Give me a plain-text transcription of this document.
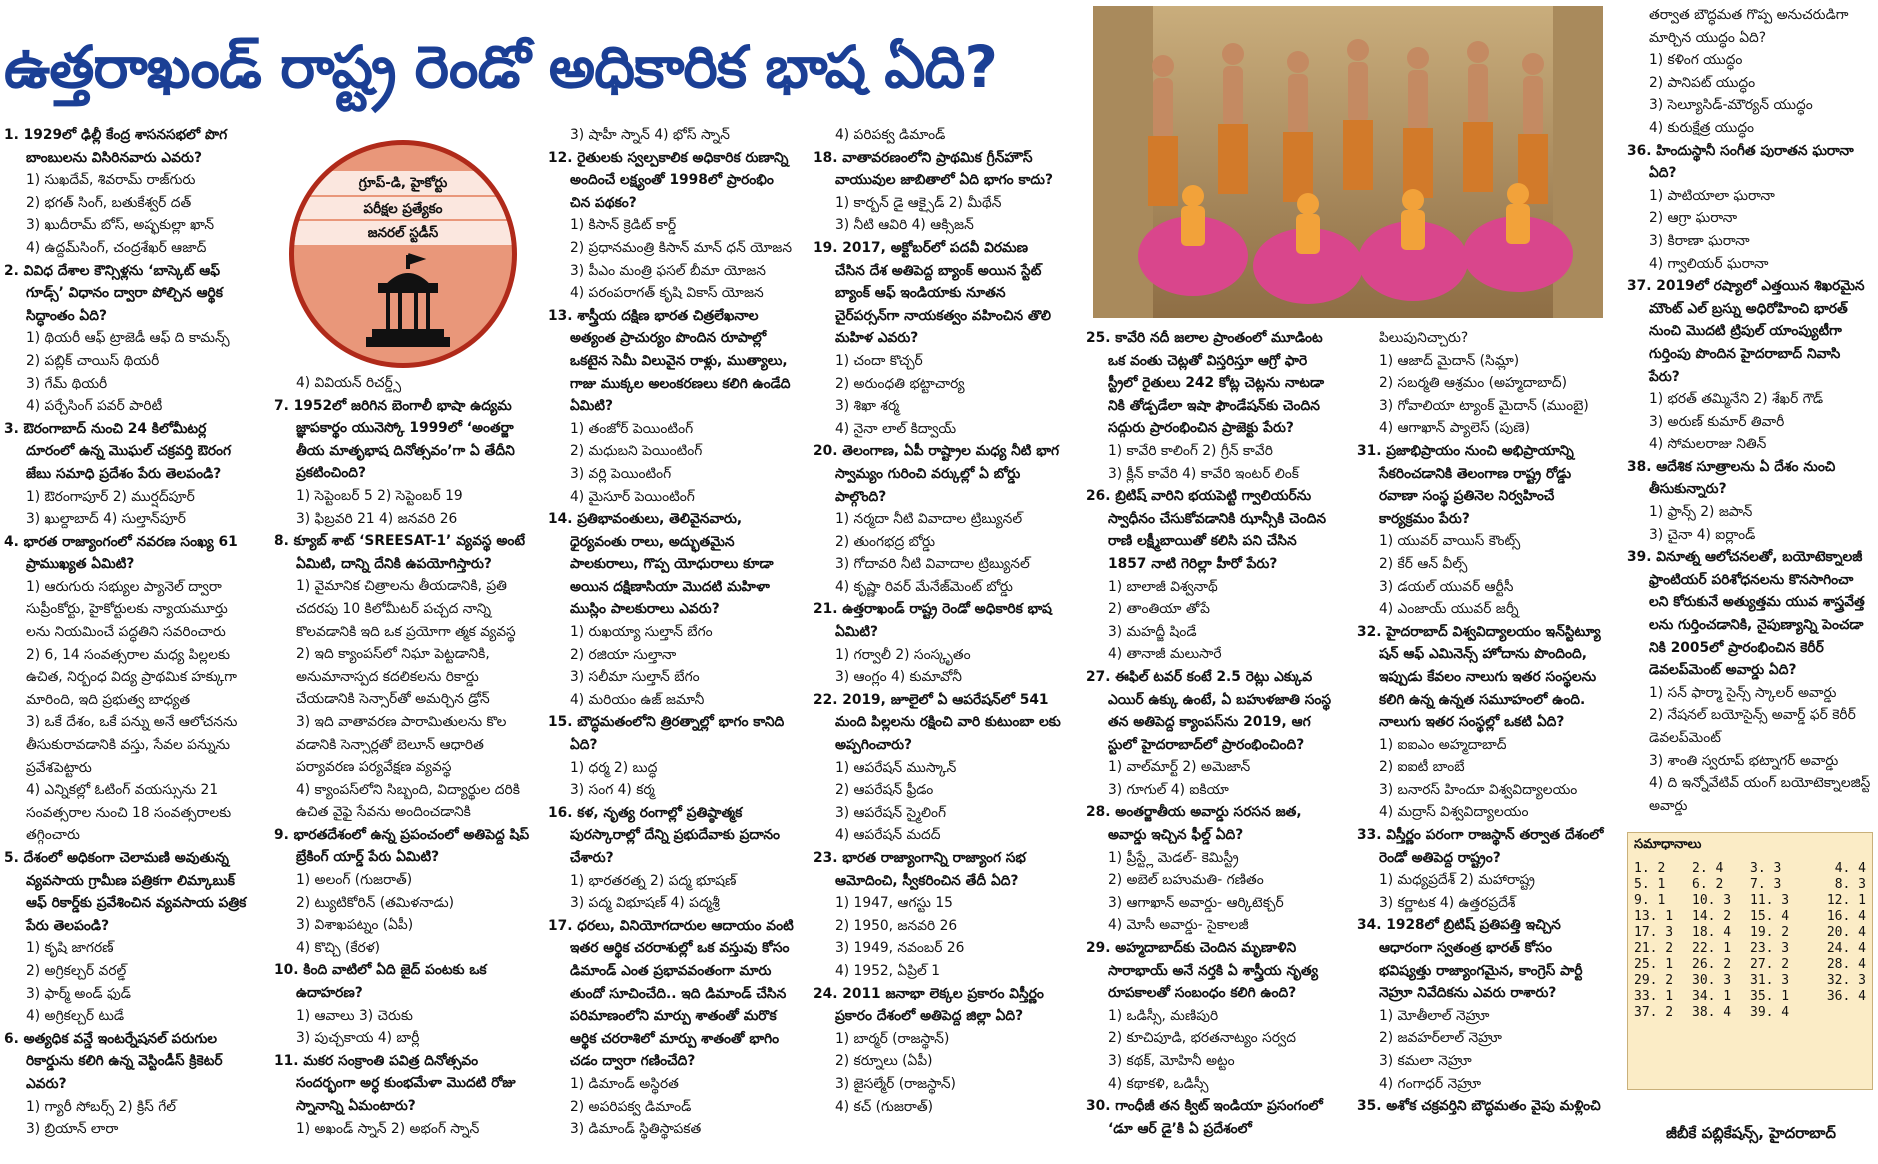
ఉత్తరాఖండ్ రాష్ట్ర రెండో అధికారిక భాష ఏది?

1. 1929లో ఢిల్లీ కేంద్ర శాసనసభలో పొగ బాంబులను విసిరినవారు ఎవరు?

1) సుఖదేవ్, శివరామ్ రాజ్‌గురు

2) భగత్ సింగ్, బతుకేశ్వర్ దత్

3) ఖుదీరామ్ బోస్, అష్ఫకుల్లా ఖాన్

4) ఉద్దమ్‌సింగ్, చంద్రశేఖర్ ఆజాద్

2. వివిధ దేశాల కౌన్సిళ్లను ‘బాస్కెట్ ఆఫ్ గూడ్స్’ విధానం ద్వారా పోల్చిన ఆర్థిక సిద్ధాంతం ఏది?

1) థియరీ ఆఫ్ ట్రాజెడీ ఆఫ్ ది కామన్స్

2) పబ్లిక్ చాయిస్ థియరీ

3) గేమ్ థియరీ

4) పర్చేసింగ్ పవర్ పారిటీ

3. ఔరంగాబాద్ నుంచి 24 కిలోమీటర్ల దూరంలో ఉన్న మొఘల్ చక్రవర్తి ఔరంగ జేబు సమాధి ప్రదేశం పేరు తెలపండి?

1) ఔరంగాపూర్ 2) ముర్షద్‌పూర్

3) ఖుల్దాబాద్ 4) సుల్తాన్‌పూర్

4. భారత రాజ్యాంగంలో నవరణ సంఖ్య 61 ప్రాముఖ్యత ఏమిటి?

1) ఆరుగురు సభ్యుల ప్యానెల్ ద్వారా సుప్రీంకోర్టు, హైకోర్టులకు న్యాయమూర్తు లను నియమించే పద్ధతిని సవరించారు

2) 6, 14 సంవత్సరాల మధ్య పిల్లలకు ఉచిత, నిర్బంధ విద్య ప్రాథమిక హక్కుగా మారింది, ఇది ప్రభుత్వ బాధ్యత

3) ఒకే దేశం, ఒకే పన్ను అనే ఆలోచనను తీసుకురావడానికి వస్తు, సేవల పన్నును ప్రవేశపెట్టారు

4) ఎన్నికల్లో ఓటింగ్ వయస్సును 21 సంవత్సరాల నుంచి 18 సంవత్సరాలకు తగ్గించారు

5. దేశంలో అధికంగా చెలామణి అవుతున్న వ్యవసాయ గ్రామీణ పత్రికగా లిమ్కాబుక్ ఆఫ్ రికార్డ్‌కు ప్రవేశించిన వ్యవసాయ పత్రిక పేరు తెలపండి?

1) కృషి జాగరణ్

2) అగ్రికల్చర్ వరల్డ్

3) ఫార్మ్ అండ్ ఫుడ్

4) అగ్రికల్చర్ టుడే

6. అత్యధిక వన్డే ఇంటర్నేషనల్ పరుగుల రికార్డును కలిగి ఉన్న వెస్టిండీస్ క్రికెటర్ ఎవరు?

1) గ్యారీ సోబర్స్ 2) క్రిస్ గేల్

3) బ్రియాన్ లారా

4) వివియన్ రిచర్డ్స్

7. 1952లో జరిగిన బెంగాలీ భాషా ఉద్యమ జ్ఞాపకార్థం యునెస్కో 1999లో ‘అంతర్జా తీయ మాతృభాష దినోత్సవం’గా ఏ తేదీని ప్రకటించింది?

1) సెప్టెంబర్ 5 2) సెప్టెంబర్ 19

3) ఫిబ్రవరి 21 4) జనవరి 26

8. క్యూబ్ శాట్ ‘SREESAT-1’ వ్యవస్థ అంటే ఏమిటి, దాన్ని దేనికి ఉపయోగిస్తారు?

1) వైమానిక చిత్రాలను తీయడానికి, ప్రతి చదరపు 10 కిలోమీటర్ పచ్చద నాన్ని కొలవడానికి ఇది ఒక ప్రయోగా త్మక వ్యవస్థ

2) ఇది క్యాంపస్‌లో నిఘా పెట్టడానికి, అనుమానాస్పద కదలికలను రికార్డు చేయడానికి సెన్సార్‌తో అమర్చిన డ్రోన్

3) ఇది వాతావరణ పారామితులను కొల వడానికి సెన్సార్లతో బెలూన్ ఆధారిత పర్యావరణ పర్యవేక్షణ వ్యవస్థ

4) క్యాంపస్‌లోని సిబ్బంది, విద్యార్థుల దరికి ఉచిత వైఫై సేవను అందించడానికి

9. భారతదేశంలో ఉన్న ప్రపంచంలో అతిపెద్ద షిప్ బ్రేకింగ్ యార్డ్ పేరు ఏమిటి?

1) అలంగ్ (గుజరాత్)

2) ట్యుటికోరిన్ (తమిళనాడు)

3) విశాఖపట్నం (ఏపీ)

4) కొచ్చి (కేరళ)

10. కింది వాటిలో ఏది జైద్ పంటకు ఒక ఉదాహరణ?

1) ఆవాలు 3) చెరుకు

3) పుచ్చకాయ 4) బార్లీ

11. మకర సంక్రాంతి పవిత్ర దినోత్సవం సందర్భంగా అర్ధ కుంభమేళా మొదటి రోజు స్నానాన్ని ఏమంటారు?

1) అఖండ్ స్నాన్ 2) అభంగ్ స్నాన్

3) షాహీ స్నాన్ 4) భోస్ స్నాన్

12. రైతులకు స్వల్పకాలిక అధికారిక రుణాన్ని అందించే లక్ష్యంతో 1998లో ప్రారంభిం చిన పథకం?

1) కిసాన్ క్రెడిట్ కార్డ్

2) ప్రధానమంత్రి కిసాన్ మాన్ ధన్ యోజన

3) పీఎం మంత్రి ఫసల్ బీమా యోజన

4) పరంపరాగత్ కృషి వికాస్ యోజన

13. శాస్త్రీయ దక్షిణ భారత చిత్రలేఖనాల అత్యంత ప్రాచుర్యం పొందిన రూపాల్లో ఒకటైన సెమీ విలువైన రాళ్లు, ముత్యాలు, గాజు ముక్కల అలంకరణలు కలిగి ఉండేది ఏమిటి?

1) తంజోర్ పెయింటింగ్

2) మధుబని పెయింటింగ్

3) వర్లి పెయింటింగ్

4) మైసూర్ పెయింటింగ్

14. ప్రతిభావంతులు, తెలివైనవారు, ధైర్యవంతు రాలు, అద్భుతమైన పాలకురాలు, గొప్ప యోధురాలు కూడా అయిన దక్షిణాసియా మొదటి మహిళా ముస్లిం పాలకురాలు ఎవరు?

1) రుఖయ్యా సుల్తాన్ బేగం

2) రజియా సుల్తానా

3) సలీమా సుల్తాన్ బేగం

4) మరియం ఉజ్ జమానీ

15. బౌద్ధమతంలోని త్రిరత్నాల్లో భాగం కానిది ఏది?

1) ధర్మ 2) బుద్ధ

3) సంగ 4) కర్మ

16. కళ, నృత్య రంగాల్లో ప్రతిష్ఠాత్మక పురస్కారాల్లో దేన్ని ప్రభుదేవాకు ప్రదానం చేశారు?

1) భారతరత్న 2) పద్మ భూషణ్

3) పద్మ విభూషణ్ 4) పద్మశ్రీ

17. ధరలు, వినియోగదారుల ఆదాయం వంటి ఇతర ఆర్థిక చరరాశుల్లో ఒక వస్తువు కోసం డిమాండ్ ఎంత ప్రభావవంతంగా మారు తుందో సూచించేది.. ఇది డిమాండ్ చేసిన పరిమాణంలోని మార్పు శాతంతో మరొక ఆర్థిక చరరాశిలో మార్పు శాతంతో భాగిం చడం ద్వారా గణించేది?

1) డిమాండ్ అస్థిరత

2) అపరిపక్వ డిమాండ్

3) డిమాండ్ స్థితిస్థాపకత

4) పరిపక్వ డిమాండ్

18. వాతావరణంలోని ప్రాథమిక గ్రీన్‌హౌస్ వాయువుల జాబితాలో ఏది భాగం కాదు?

1) కార్బన్ డై ఆక్సైడ్ 2) మీథేన్

3) నీటి ఆవిరి 4) ఆక్సిజన్

19. 2017, అక్టోబర్‌లో పదవీ విరమణ చేసిన దేశ అతిపెద్ద బ్యాంక్ అయిన స్టేట్ బ్యాంక్ ఆఫ్ ఇండియాకు నూతన చైర్‌పర్సన్‌గా నాయకత్వం వహించిన తొలి మహిళ ఎవరు?

1) చందా కొచ్చర్

2) అరుంధతి భట్టాచార్య

3) శిఖా శర్మ

4) నైనా లాల్ కిద్వాయ్

20. తెలంగాణ, ఏపీ రాష్ట్రాల మధ్య నీటి భాగ స్వామ్యం గురించి వర్కుల్లో ఏ బోర్డు పాల్గొంది?

1) నర్మదా నీటి వివాదాల ట్రిబ్యునల్

2) తుంగభద్ర బోర్డు

3) గోదావరి నీటి వివాదాల ట్రిబ్యునల్

4) కృష్ణా రివర్ మేనేజ్‌మెంట్ బోర్డు

21. ఉత్తరాఖండ్ రాష్ట్ర రెండో అధికారిక భాష ఏమిటి?

1) గర్వాలీ 2) సంస్కృతం

3) ఆంగ్లం 4) కుమావోనీ

22. 2019, జూలైలో ఏ ఆపరేషన్‌లో 541 మంది పిల్లలను రక్షించి వారి కుటుంబా లకు అప్పగించారు?

1) ఆపరేషన్ ముస్కాన్

2) ఆపరేషన్ ఫ్రీడం

3) ఆపరేషన్ స్మైలింగ్

4) ఆపరేషన్ మదద్

23. భారత రాజ్యాంగాన్ని రాజ్యాంగ సభ ఆమోదించి, స్వీకరించిన తేదీ ఏది?

1) 1947, ఆగస్టు 15

2) 1950, జనవరి 26

3) 1949, నవంబర్ 26

4) 1952, ఏప్రిల్ 1

24. 2011 జనాభా లెక్కల ప్రకారం విస్తీర్ణం ప్రకారం దేశంలో అతిపెద్ద జిల్లా ఏది?

1) బార్మర్ (రాజస్థాన్)

2) కర్నూలు (ఏపీ)

3) జైసల్మేర్ (రాజస్థాన్)

4) కచ్ (గుజరాత్)

25. కావేరి నదీ జలాల ప్రాంతంలో మూడింట ఒక వంతు చెట్లతో విస్తరిస్తూ ఆగ్రో ఫారె స్ట్రీలో రైతులు 242 కోట్ల చెట్లను నాటడా నికి తోడ్పడేలా ఇషా ఫౌండేషన్‌కు చెందిన సద్గురు ప్రారంభించిన ప్రాజెక్టు పేరు?

1) కావేరి కాలింగ్ 2) గ్రీన్ కావేరి

3) క్లీన్ కావేరి 4) కావేరి ఇంటర్ లింక్

26. బ్రిటిష్ వారిని భయపెట్టి గ్వాలియర్‌ను స్వాధీనం చేసుకోవడానికి ఝాన్సీకి చెందిన రాణి లక్ష్మీబాయితో కలిసి పని చేసిన 1857 నాటి గెరిల్లా హీరో పేరు?

1) బాలాజీ విశ్వనాథ్

2) తాంతియా తోపే

3) మహద్జీ షిండే

4) తానాజీ మలుసారే

27. ఈఫిల్ టవర్ కంటే 2.5 రెట్లు ఎక్కువ ఎయిర్ ఉక్కు ఉంటే, ఏ బహుళజాతి సంస్థ తన అతిపెద్ద క్యాంపస్‌ను 2019, ఆగ స్టులో హైదరాబాద్‌లో ప్రారంభించింది?

1) వాల్‌మార్ట్ 2) అమెజాన్

3) గూగుల్ 4) ఐకియా

28. అంతర్జాతీయ అవార్డు సరసన జత, అవార్డు ఇచ్చిన ఫీల్డ్ ఏది?

1) ప్రీస్ట్లే మెడల్- కెమిస్ట్రీ

2) అబెల్ బహుమతి- గణితం

3) ఆగాఖాన్ అవార్డు- ఆర్కిటెక్చర్

4) మోసీ అవార్డు- సైకాలజీ

29. అహ్మదాబాద్‌కు చెందిన మృణాళిని సారాభాయ్ అనే నర్తకి ఏ శాస్త్రీయ నృత్య రూపకాలతో సంబంధం కలిగి ఉంది?

1) ఒడిస్సీ, మణిపురి

2) కూచిపూడి, భరతనాట్యం సర్వద

3) కథక్, మోహినీ అట్టం

4) కథాకళి, ఒడిస్సీ

30. గాంధీజీ తన క్విట్ ఇండియా ప్రసంగంలో ‘డూ ఆర్ డై’కి ఏ ప్రదేశంలో

పిలుపునిచ్చారు?

1) ఆజాద్ మైదాన్ (సిమ్లా)

2) సబర్మతి ఆశ్రమం (అహ్మదాబాద్)

3) గోవాలియా ట్యాంక్ మైదాన్ (ముంబై)

4) ఆగాఖాన్ ప్యాలెస్ (పుణె)

31. ప్రజాభిప్రాయం నుంచి అభిప్రాయాన్ని సేకరించడానికి తెలంగాణ రాష్ట్ర రోడ్డు రవాణా సంస్థ ప్రతినెల నిర్వహించే కార్యక్రమం పేరు?

1) యువర్ వాయిస్ కౌంట్స్

2) కేర్ ఆన్ వీల్స్

3) డయల్ యువర్ ఆర్టీసీ

4) ఎంజాయ్ యువర్ జర్నీ

32. హైదరాబాద్ విశ్వవిద్యాలయం ఇన్‌స్టిట్యూ షన్ ఆఫ్ ఎమినెన్స్ హోదాను పొందింది, ఇప్పుడు కేవలం నాలుగు ఇతర సంస్థలను కలిగి ఉన్న ఉన్నత సమూహంలో ఉంది. నాలుగు ఇతర సంస్థల్లో ఒకటి ఏది?

1) ఐఐఎం అహ్మదాబాద్

2) ఐఐటీ బాంబే

3) బనారస్ హిందూ విశ్వవిద్యాలయం

4) మద్రాస్ విశ్వవిద్యాలయం

33. విస్తీర్ణం పరంగా రాజస్థాన్ తర్వాత దేశంలో రెండో అతిపెద్ద రాష్ట్రం?

1) మధ్యప్రదేశ్ 2) మహారాష్ట్ర

3) కర్ణాటక 4) ఉత్తరప్రదేశ్

34. 1928లో బ్రిటిష్ ప్రతిపత్తి ఇచ్చిన ఆధారంగా స్వతంత్ర భారత్ కోసం భవిష్యత్తు రాజ్యాంగమైన, కాంగ్రెస్ పార్టీ నెహ్రూ నివేదికను ఎవరు రాశారు?

1) మోతీలాల్ నెహ్రూ

2) జవహర్‌లాల్ నెహ్రూ

3) కమలా నెహ్రూ

4) గంగాధర్ నెహ్రూ

35. అశోక చక్రవర్తిని బౌద్ధమతం వైపు మళ్లించి

తర్వాత బౌద్ధమత గొప్ప అనుచరుడిగా మార్చిన యుద్ధం ఏది?

1) కళింగ యుద్ధం

2) పానిపట్ యుద్ధం

3) సెల్యూసిడ్-మౌర్యన్ యుద్ధం

4) కురుక్షేత్ర యుద్ధం

36. హిందుస్థానీ సంగీత పురాతన ఘరానా ఏది?

1) పాటియాలా ఘరానా

2) ఆగ్రా ఘరానా

3) కిరాణా ఘరానా

4) గ్వాలియర్ ఘరానా

37. 2019లో రష్యాలో ఎత్తయిన శిఖరమైన మౌంట్ ఎల్ బ్రస్ను అధిరోహించి భారత్ నుంచి మొదటి ట్రిపుల్ యాంప్యుటీగా గుర్తింపు పొందిన హైదరాబాద్ నివాసి పేరు?

1) భరత్ తమ్మినేని 2) శేఖర్ గౌడ్

3) అరుణ్ కుమార్ తివారీ

4) సోమలరాజు నితిన్

38. ఆదేశిక సూత్రాలను ఏ దేశం నుంచి తీసుకున్నారు?

1) ఫ్రాన్స్ 2) జపాన్

3) చైనా 4) ఐర్లాండ్

39. వినూత్న ఆలోచనలతో, బయోటెక్నాలజీ ఫ్రాంటియర్ పరిశోధనలను కొనసాగించా లని కోరుకునే అత్యుత్తమ యువ శాస్త్రవేత్త లను గుర్తించడానికి, నైపుణ్యాన్ని పెంచడా నికి 2005లో ప్రారంభించిన కెరీర్ డెవలప్‌మెంట్ అవార్డు ఏది?

1) సన్ ఫార్మా సైన్స్ స్కాలర్ అవార్డు

2) నేషనల్ బయోసైన్స్ అవార్డ్ ఫర్ కెరీర్ డెవలప్‌మెంట్

3) శాంతి స్వరూప్ భట్నాగర్ అవార్డు

4) ది ఇన్నోవేటివ్ యంగ్ బయోటెక్నాలజిస్ట్ అవార్డు

గ్రూప్-డి, హైకోర్టు
పరీక్షల ప్రత్యేకం
జనరల్ స్టడీస్
సమాధానాలు
1. 2	2. 4	3. 3	4. 4
5. 1	6. 2	7. 3	8. 3
9. 1	10. 3	11. 3	12. 1
13. 1	14. 2	15. 4	16. 4
17. 3	18. 4	19. 2	20. 4
21. 2	22. 1	23. 3	24. 4
25. 1	26. 2	27. 2	28. 4
29. 2	30. 3	31. 3	32. 3
33. 1	34. 1	35. 1	36. 4
37. 2	38. 4	39. 4
జీబీకే పబ్లికేషన్స్, హైదరాబాద్
